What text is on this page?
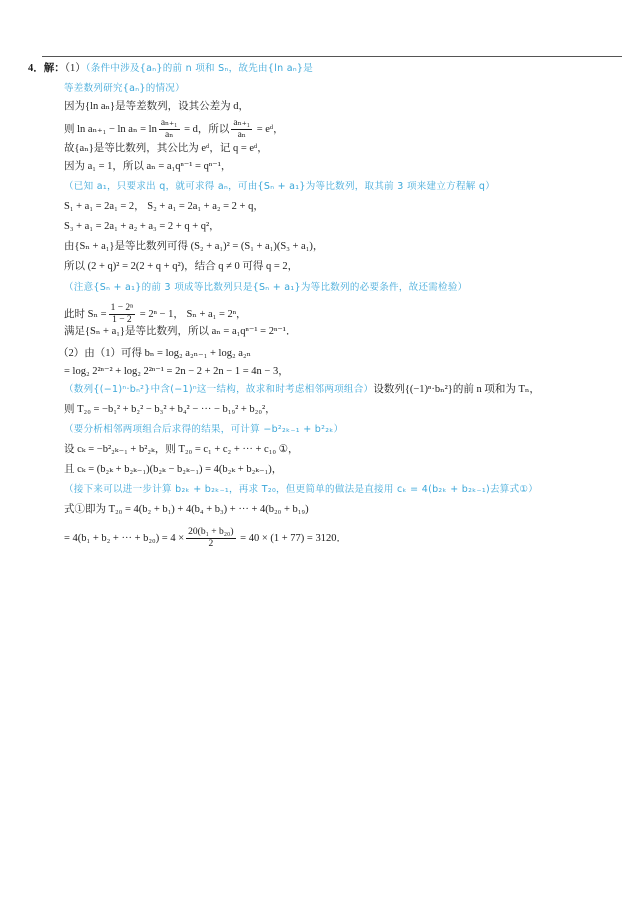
4．解：（1）（条件中涉及{aₙ}的前 n 项和 Sₙ，故先由{ln aₙ}是
等差数列研究{aₙ}的情况）
因为{ln aₙ}是等差数列，设其公差为 d，
则 $\ln a_{n+1} - \ln a_n = \ln \frac{\text{aₙ₊₁}}{\text{aₙ}} = d$，所以 $\frac{\text{aₙ₊₁}}{\text{aₙ}}$ = eᵈ，
故{aₙ}是等比数列，其公比为 eᵈ，记 q = eᵈ，
因为 a₁ = 1，所以 aₙ = a₁qⁿ⁻¹ = qⁿ⁻¹，
（已知 a₁，只要求出 q，就可求得 aₙ，可由{Sₙ + a₁}为等比数列，取其前 3 项来建立方程解 q）
S₁ + a₁ = 2a₁ = 2， S₂ + a₁ = 2a₁ + a₂ = 2 + q，
S₃ + a₁ = 2a₁ + a₂ + a₃ = 2 + q + q²，
由{Sₙ + a₁}是等比数列可得 (S₂ + a₁)² = (S₁ + a₁)(S₃ + a₁)，
所以 (2 + q)² = 2(2 + q + q²)，结合 q ≠ 0 可得 q = 2，
（注意{Sₙ + a₁}的前 3 项成等比数列只是{Sₙ + a₁}为等比数列的必要条件，故还需检验）
此时 $S_n = \frac{\text{1 − 2ⁿ}}{1 - 2} = 2^n - 1$， Sₙ + a₁ = 2ⁿ，
满足{Sₙ + a₁}是等比数列，所以 aₙ = a₁qⁿ⁻¹ = 2ⁿ⁻¹．
（2）由（1）可得 bₙ = log₂ a₂ₙ₋₁ + log₂ a₂ₙ
= log₂ 2²ⁿ⁻² + log₂ 2²ⁿ⁻¹ = 2n − 2 + 2n − 1 = 4n − 3，
（数列{(−1)ⁿ·bₙ²}中含(−1)ⁿ这一结构，故求和时考虑相邻两项组合）设数列{(−1)ⁿ·bₙ²}的前 n 项和为 Tₙ，
则 T₂₀ = −b₁² + b₂² − b₃² + b₄² − ··· − b₁₉² + b₂₀²，
（要分析相邻两项组合后求得的结果，可计算 −b²₂ₖ₋₁ + b²₂ₖ）
设 cₖ = −b²₂ₖ₋₁ + b²₂ₖ，则 T₂₀ = c₁ + c₂ + ··· + c₁₀ ①，
且 cₖ = (b₂ₖ + b₂ₖ₋₁)(b₂ₖ − b₂ₖ₋₁) = 4(b₂ₖ + b₂ₖ₋₁)，
（接下来可以进一步计算 b₂ₖ + b₂ₖ₋₁，再求 T₂₀，但更简单的做法是直接用 cₖ = 4(b₂ₖ + b₂ₖ₋₁)去算式①）
式①即为 T₂₀ = 4(b₂ + b₁) + 4(b₄ + b₃) + ··· + 4(b₂₀ + b₁₉)
= 4(b₁ + b₂ + ··· + $b_{20}) = 4 \times \frac{\text{20(b₁ + b₂₀)}}{2} = 40 \times (1 + 77) = 3120$．
